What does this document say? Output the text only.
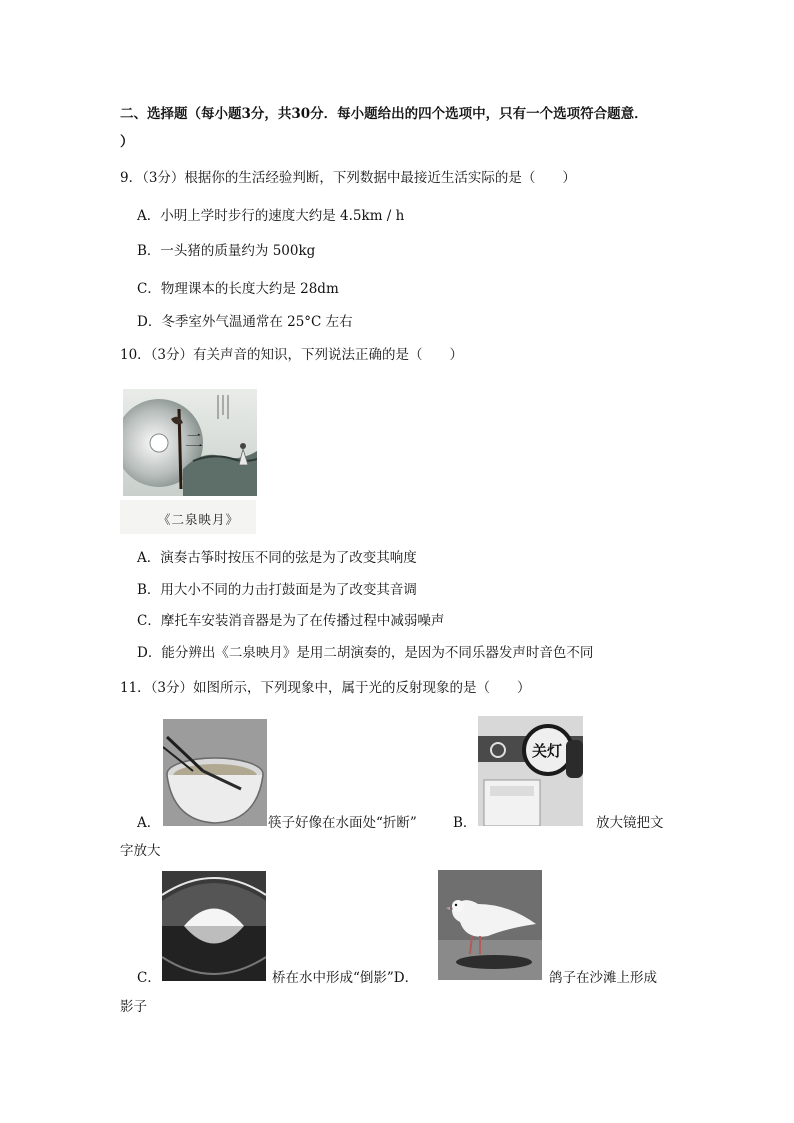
二、选择题（每小题3分，共30分．每小题给出的四个选项中，只有一个选项符合题意．
）
9．（3分）根据你的生活经验判断，下列数据中最接近生活实际的是（　　）
A．小明上学时步行的速度大约是 4.5km / h
B．一头猪的质量约为 500kg
C．物理课本的长度大约是 28dm
D．冬季室外气温通常在 25°C 左右
10．（3分）有关声音的知识，下列说法正确的是（　　）
二
《二泉映月》
A．演奏古筝时按压不同的弦是为了改变其响度
B．用大小不同的力击打鼓面是为了改变其音调
C．摩托车安装消音器是为了在传播过程中减弱噪声
D．能分辨出《二泉映月》是用二胡演奏的，是因为不同乐器发声时音色不同
11．（3分）如图所示，下列现象中，属于光的反射现象的是（　　）
A．	筷子好像在水面处“折断”
关灯
B．	放大镜把文
字放大
C．	桥在水中形成“倒影”D．	鸽子在沙滩上形成
影子
